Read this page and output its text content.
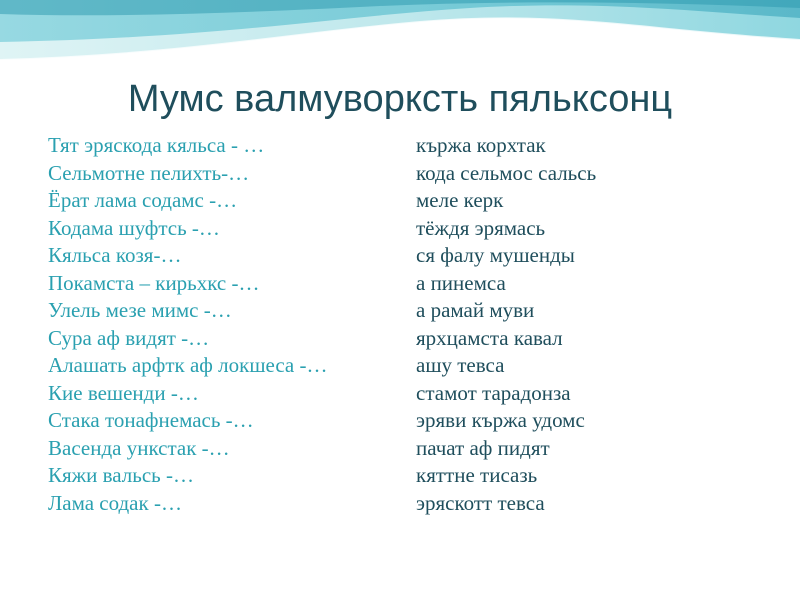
Мумс валмуворксть пяльксонц
Тят эряскода кяльса - …
Сельмотне пелихть-…
Ёрат лама содамс -…
Кодама шуфтсь -…
Кяльса козя-…
Покамста – кирьхкс -…
Улель мезе мимс -…
Сура аф видят -…
Алашать арфтк аф локшеса -…
Кие вешенди -…
Стака тонафнемась -…
Васенда ункстак -…
Кяжи вальсь -…
Лама содак -…
кържа корхтак
кода сельмос сальсь
меле керк
тёждя эрямась
ся фалу мушенды
а пинемса
а рамай муви
ярхцамста кавал
ашу тевса
стамот тарадонза
эряви кържа удомс
пачат аф пидят
кяттне тисазь
эряскотт тевса
